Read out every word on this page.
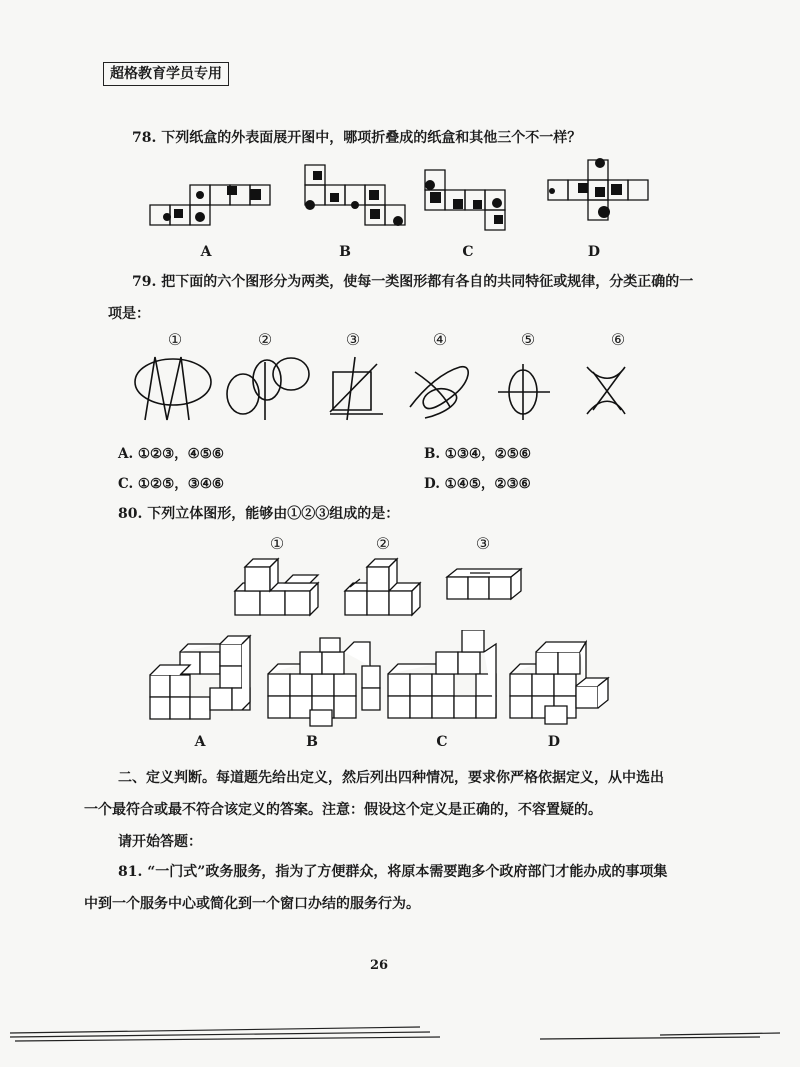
超格教育学员专用
78. 下列纸盒的外表面展开图中，哪项折叠成的纸盒和其他三个不一样？
A	B	C	D
79. 把下面的六个图形分为两类，使每一类图形都有各自的共同特征或规律，分类正确的一
项是：
①	②	③	④	⑤	⑥
A. ①②③，④⑤⑥	B. ①③④，②⑤⑥
C. ①②⑤，③④⑥	D. ①④⑤，②③⑥
80. 下列立体图形，能够由①②③组成的是：
①	②	③
A	B	C	D
二、定义判断。每道题先给出定义，然后列出四种情况，要求你严格依据定义，从中选出
一个最符合或最不符合该定义的答案。注意：假设这个定义是正确的，不容置疑的。
请开始答题：
81. “一门式”政务服务，指为了方便群众，将原本需要跑多个政府部门才能办成的事项集
中到一个服务中心或简化到一个窗口办结的服务行为。
26
